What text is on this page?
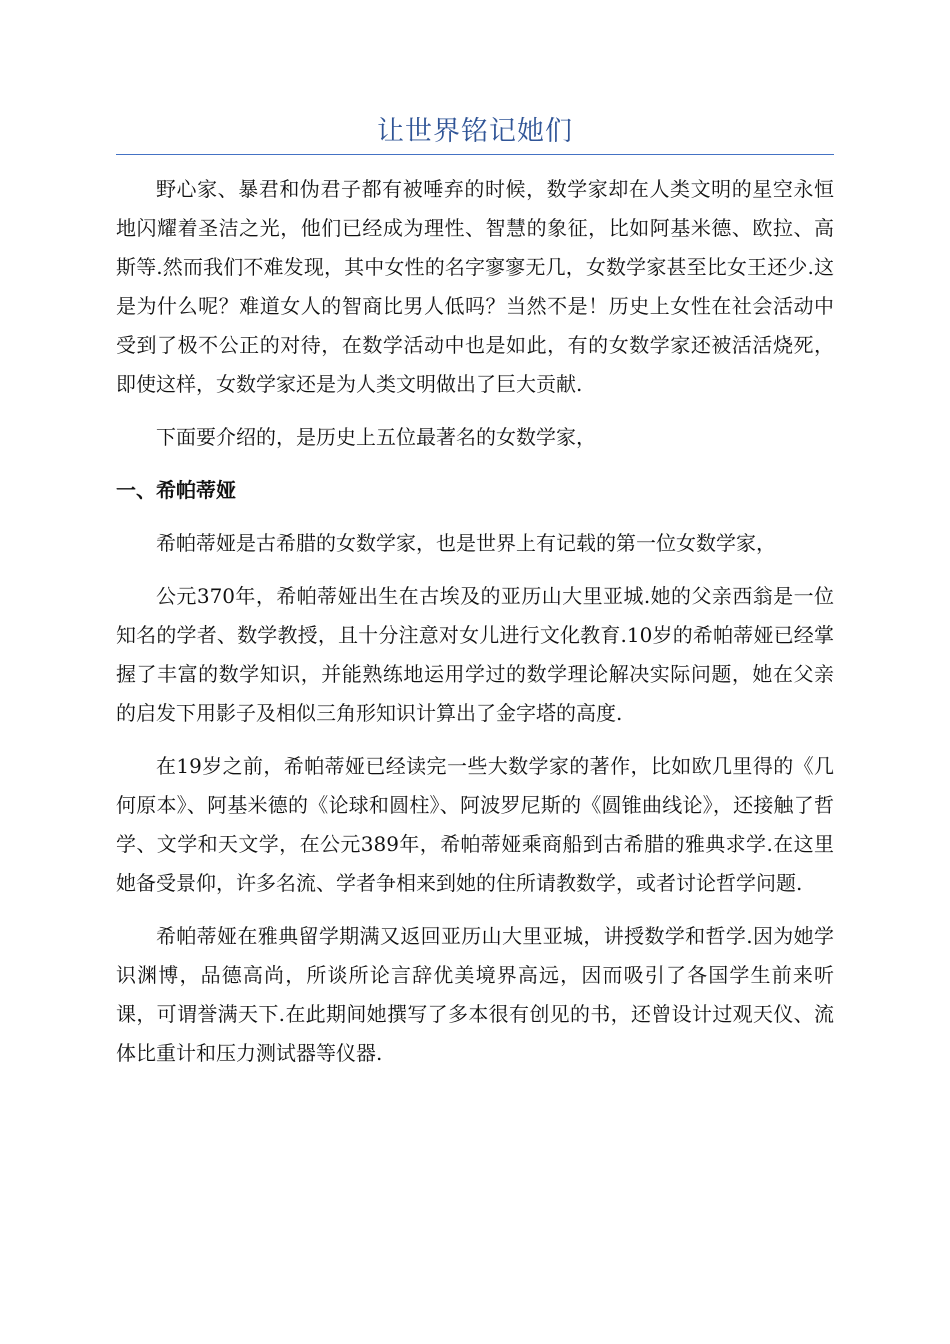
让世界铭记她们

野心家、暴君和伪君子都有被唾弃的时候，数学家却在人类文明的星空永恒地闪耀着圣洁之光，他们已经成为理性、智慧的象征，比如阿基米德、欧拉、高斯等.然而我们不难发现，其中女性的名字寥寥无几，女数学家甚至比女王还少.这是为什么呢？难道女人的智商比男人低吗？当然不是！历史上女性在社会活动中受到了极不公正的对待，在数学活动中也是如此，有的女数学家还被活活烧死，即使这样，女数学家还是为人类文明做出了巨大贡献.

下面要介绍的，是历史上五位最著名的女数学家，

一、希帕蒂娅

希帕蒂娅是古希腊的女数学家，也是世界上有记载的第一位女数学家，

公元370年，希帕蒂娅出生在古埃及的亚历山大里亚城.她的父亲西翁是一位知名的学者、数学教授，且十分注意对女儿进行文化教育.10岁的希帕蒂娅已经掌握了丰富的数学知识，并能熟练地运用学过的数学理论解决实际问题，她在父亲的启发下用影子及相似三角形知识计算出了金字塔的高度.

在19岁之前，希帕蒂娅已经读完一些大数学家的著作，比如欧几里得的《几何原本》、阿基米德的《论球和圆柱》、阿波罗尼斯的《圆锥曲线论》，还接触了哲学、文学和天文学，在公元389年，希帕蒂娅乘商船到古希腊的雅典求学.在这里她备受景仰，许多名流、学者争相来到她的住所请教数学，或者讨论哲学问题.

希帕蒂娅在雅典留学期满又返回亚历山大里亚城，讲授数学和哲学.因为她学识渊博，品德高尚，所谈所论言辞优美境界高远，因而吸引了各国学生前来听课，可谓誉满天下.在此期间她撰写了多本很有创见的书，还曾设计过观天仪、流体比重计和压力测试器等仪器.
